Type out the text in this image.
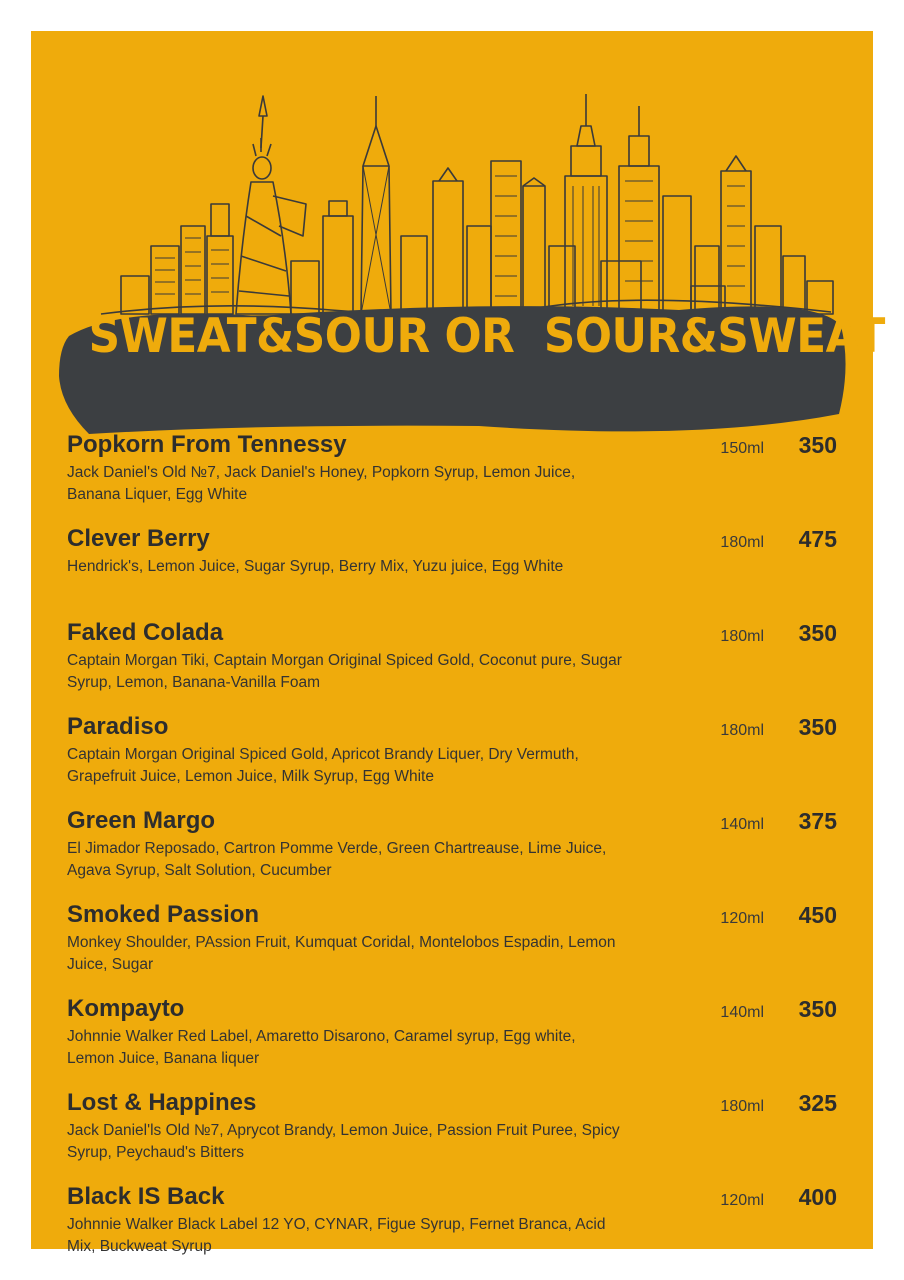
SWEAT&SOUR OR  SOUR&SWEAT
Popkorn From Tennessy
Jack Daniel's Old №7, Jack Daniel's Honey, Popkorn Syrup, Lemon Juice, Banana Liquer, Egg White
150ml 350
Clever Berry
Hendrick's, Lemon Juice, Sugar Syrup, Berry Mix, Yuzu juice, Egg White
180ml 475
Faked Colada
Captain Morgan Tiki, Captain Morgan Original Spiced Gold, Coconut pure, Sugar Syrup, Lemon, Banana-Vanilla Foam
180ml 350
Paradiso
Captain Morgan Original Spiced Gold, Apricot Brandy Liquer, Dry Vermuth, Grapefruit Juice, Lemon Juice, Milk Syrup, Egg White
180ml 350
Green Margo
El Jimador Reposado, Cartron Pomme Verde, Green Chartreause, Lime Juice, Agava Syrup, Salt Solution, Cucumber
140ml 375
Smoked Passion
Monkey Shoulder, PAssion Fruit, Kumquat Coridal, Montelobos Espadin, Lemon Juice, Sugar
120ml 450
Kompayto
Johnnie Walker Red Label, Amaretto Disarono, Caramel syrup, Egg white, Lemon Juice, Banana liquer
140ml 350
Lost & Happines
Jack Daniel'ls Old №7, Aprycot Brandy, Lemon Juice, Passion Fruit Puree, Spicy Syrup, Peychaud's Bitters
180ml 325
Black IS Back
Johnnie Walker Black Label 12 YO, CYNAR, Figue Syrup, Fernet Branca, Acid Mix, Buckweat Syrup
120ml 400
